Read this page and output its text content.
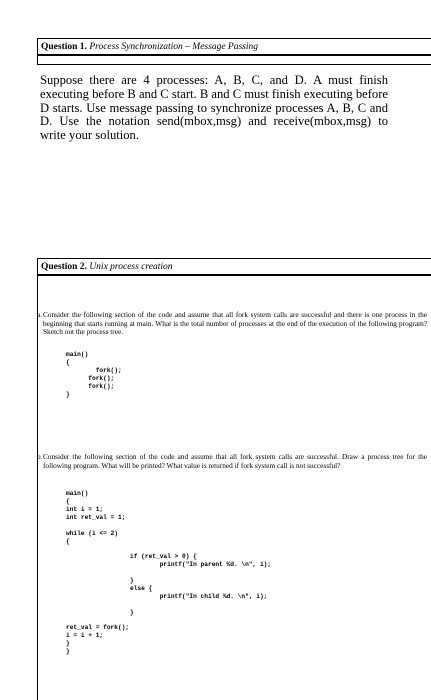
Question 1. Process Synchronization – Message Passing

Suppose there are 4 processes: A, B, C, and D. A must finish executing before B and C start. B and C must finish executing before D starts. Use message passing to synchronize processes A, B, C and D. Use the notation send(mbox,msg) and receive(mbox,msg) to write your solution.

Question 2. Unix process creation
a. Consider the following section of the code and assume that all fork system calls are successful and there is one process in the beginning that starts running at main. What is the total number of processes at the end of the execution of the following program? Sketch out the process tree.

main()
{
fork();
fork();
fork();
}
b. Consider the following section of the code and assume that all fork system calls are successful. Draw a process tree for the following program. What will be printed? What value is returned if fork system call is not successful?

main()
{
int i = 1;
int ret_val = 1;

while (i <= 2)
{
if (ret_val > 0) {
printf("In parent %d. \n", i);

}
else {
printf("In child %d. \n", i);

}
ret_val = fork();
i = i + 1;
}
}
